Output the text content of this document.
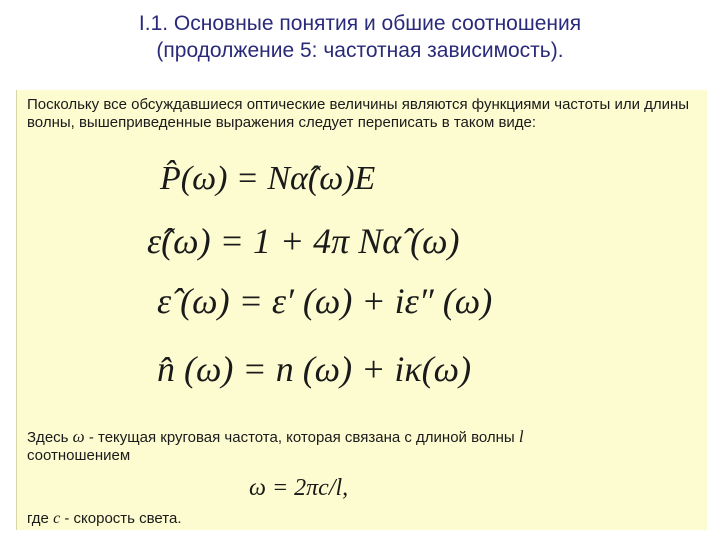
I.1. Основные понятия и обшие соотношения
(продолжение 5: частотная зависимость).
Поскольку все обсуждавшиеся оптические величины являются функциями частоты или длины волны, вышеприведенные выражения следует переписать в таком виде:
P̂(ω) = Nα̂(ω)E
ε̂(ω) = 1 + 4π Nα̂ (ω)
ε̂ (ω) = ε′ (ω) + iε″ (ω)
n̂ (ω) = n (ω) + iκ(ω)
Здесь ω - текущая круговая частота, которая связана с длиной волны l
соотношением
ω = 2πc/l,
где c - скорость света.
